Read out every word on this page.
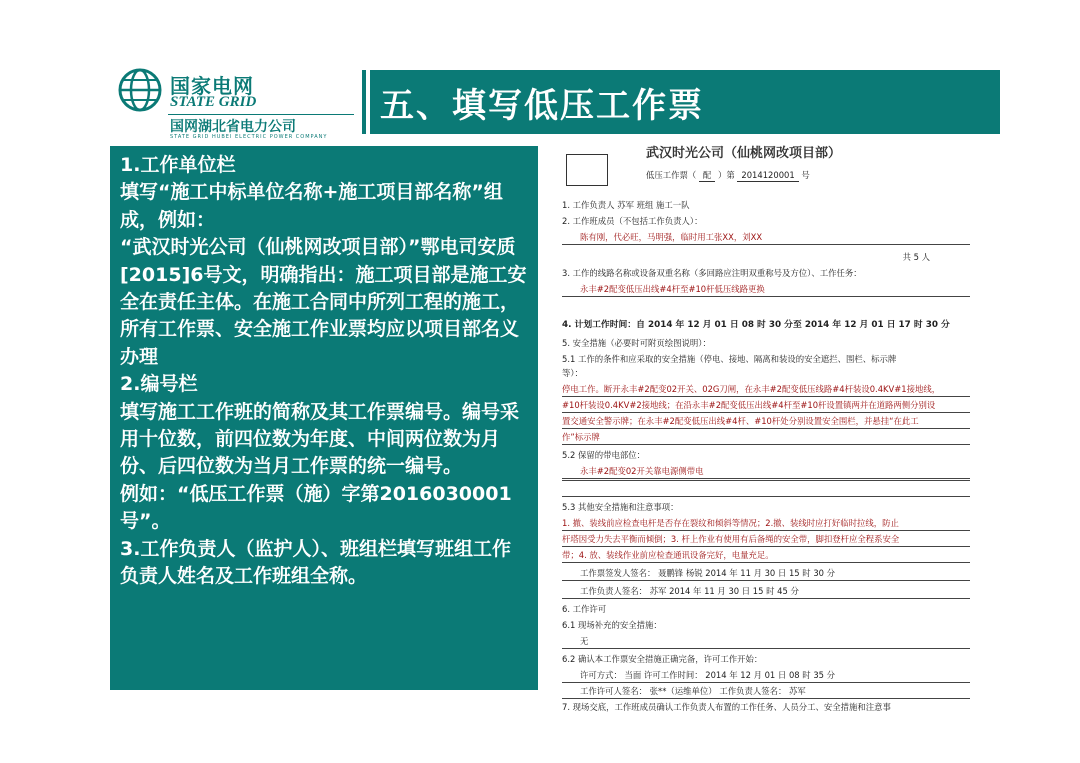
国家电网
STATE GRID
国网湖北省电力公司
STATE GRID HUBEI ELECTRIC POWER COMPANY
五、填写低压工作票

1.工作单位栏

填写“施工中标单位名称+施工项目部名称”组成，例如：

“武汉时光公司（仙桃网改项目部）”鄂电司安质[2015]6号文，明确指出：施工项目部是施工安全在责任主体。在施工合同中所列工程的施工，所有工作票、安全施工作业票均应以项目部名义办理

2.编号栏

填写施工工作班的简称及其工作票编号。编号采用十位数，前四位数为年度、中间两位数为月份、后四位数为当月工作票的统一编号。

例如：“低压工作票（施）字第2016030001号”。

3.工作负责人（监护人）、班组栏填写班组工作负责人姓名及工作班组全称。

武汉时光公司（仙桃网改项目部）
低压工作票（ 配 ）第 2014120001 号
1. 工作负责人 苏军 班组 施工一队
2. 工作班成员（不包括工作负责人）：
陈有刚，代必旺，马明强，临时用工张XX，刘XX
共 5 人
3. 工作的线路名称或设备双重名称（多回路应注明双重称号及方位）、工作任务：
永丰#2配变低压出线#4杆至#10杆低压线路更换
4. 计划工作时间：自 2014 年 12 月 01 日 08 时 30 分至 2014 年 12 月 01 日 17 时 30 分
5. 安全措施（必要时可附页绘图说明）：
5.1 工作的条件和应采取的安全措施（停电、接地、隔离和装设的安全遮拦、围栏、标示牌
等）：
停电工作。断开永丰#2配变02开关、02G刀闸，在永丰#2配变低压线路#4杆装设0.4KV#1接地线，
#10杆装设0.4KV#2接地线；在沿永丰#2配变低压出线#4杆至#10杆设置镇两并在道路两侧分别设
置交通安全警示牌；在永丰#2配变低压出线#4杆、#10杆处分别设置安全围栏，并悬挂“在此工
作”标示牌
5.2 保留的带电部位：
永丰#2配变02开关靠电源侧带电
5.3 其他安全措施和注意事项：
1. 撤、装线前应检查电杆是否存在裂纹和倾斜等情况；2.撤、装线时应打好临时拉线，防止
杆塔因受力失去平衡而倾倒；3. 杆上作业有使用有后备绳的安全带，脚扣登杆应全程系安全
带；4. 放、装线作业前应检查通讯设备完好，电量充足。
工作票签发人签名： 聂鹏锋 杨锐 2014 年 11 月 30 日 15 时 30 分
工作负责人签名： 苏军 2014 年 11 月 30 日 15 时 45 分
6. 工作许可
6.1 现场补充的安全措施：
无
6.2 确认本工作票安全措施正确完备，许可工作开始：
许可方式： 当面 许可工作时间： 2014 年 12 月 01 日 08 时 35 分
工作许可人签名： 张**（运维单位） 工作负责人签名： 苏军
7. 现场交底，工作班成员确认工作负责人布置的工作任务、人员分工、安全措施和注意事
